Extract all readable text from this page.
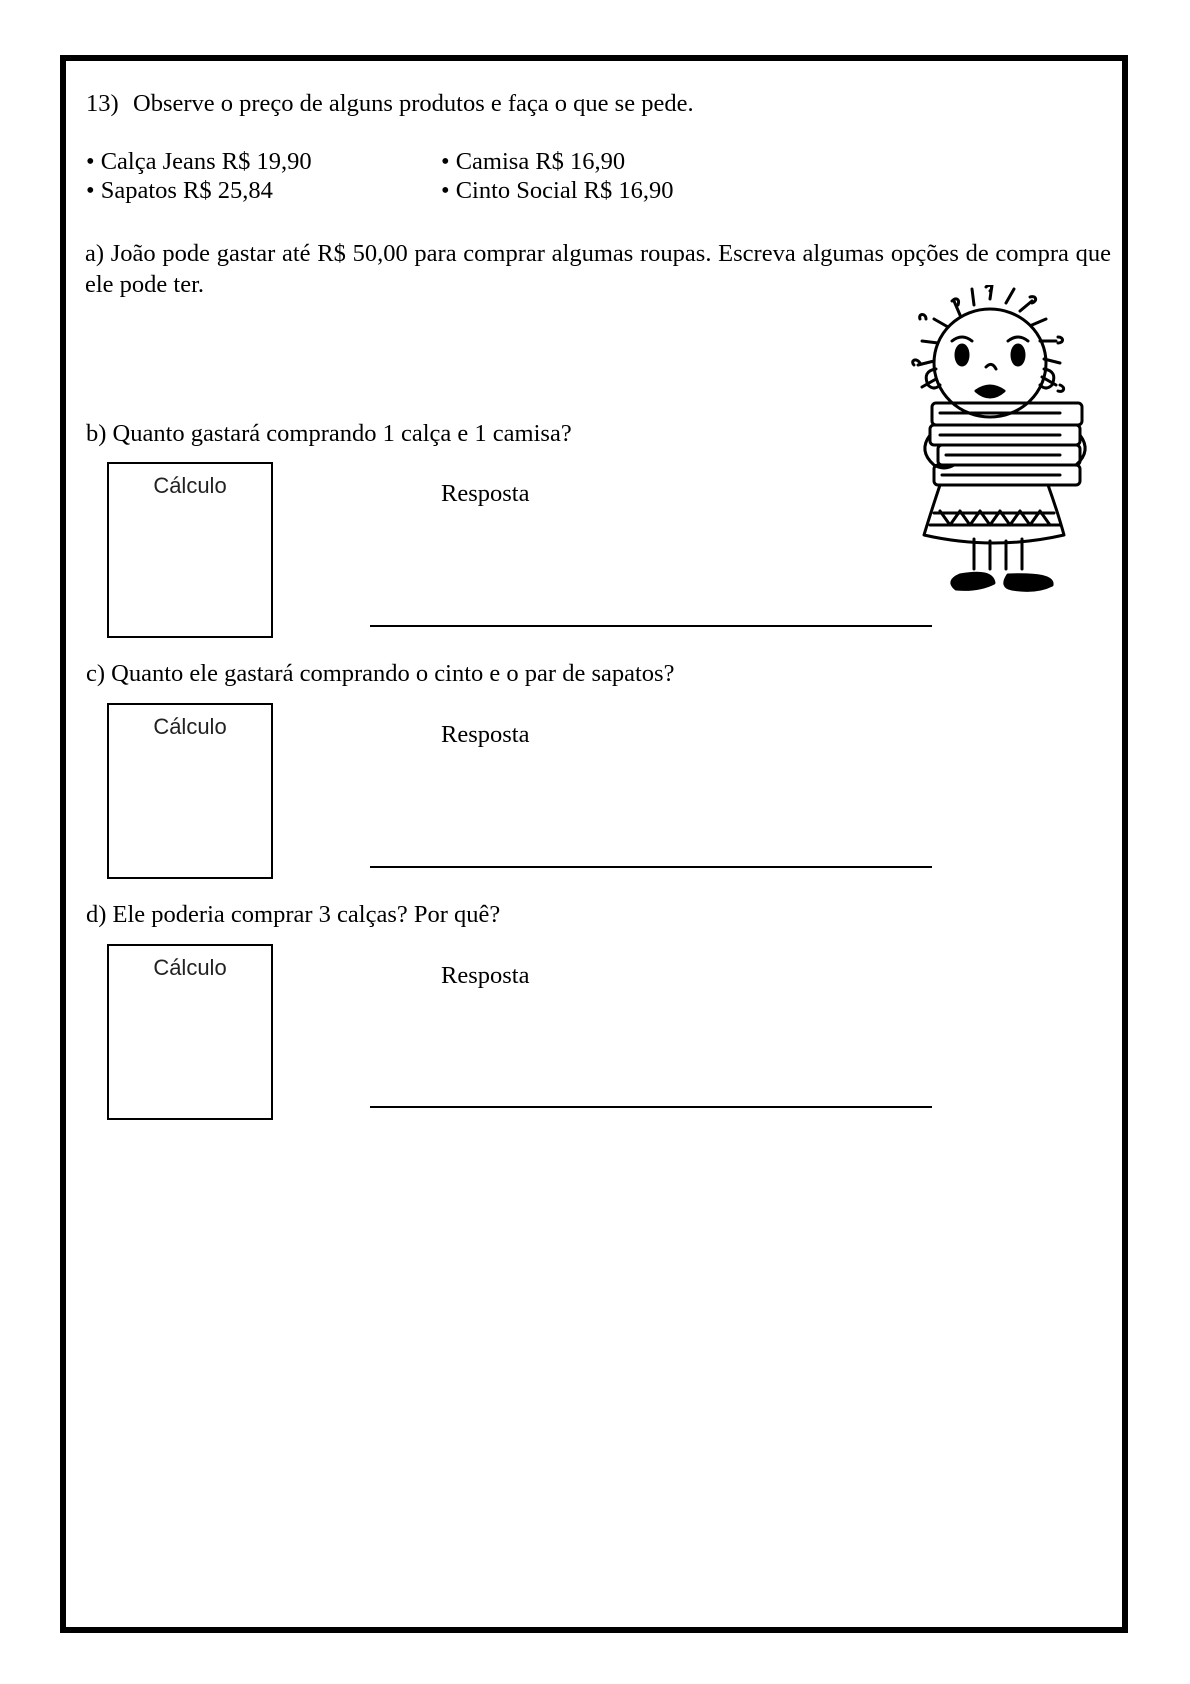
13) Observe o preço de alguns produtos e faça o que se pede.
• Calça Jeans R$ 19,90	• Camisa R$ 16,90
• Sapatos R$ 25,84	• Cinto Social R$ 16,90
a) João pode gastar até R$ 50,00 para comprar algumas roupas. Escreva algumas opções de compra que ele pode ter.
b) Quanto gastará comprando 1 calça e 1 camisa?
Cálculo	Resposta
c) Quanto ele gastará comprando o cinto e o par de sapatos?
Cálculo	Resposta
d) Ele poderia comprar 3 calças? Por quê?
Cálculo	Resposta
